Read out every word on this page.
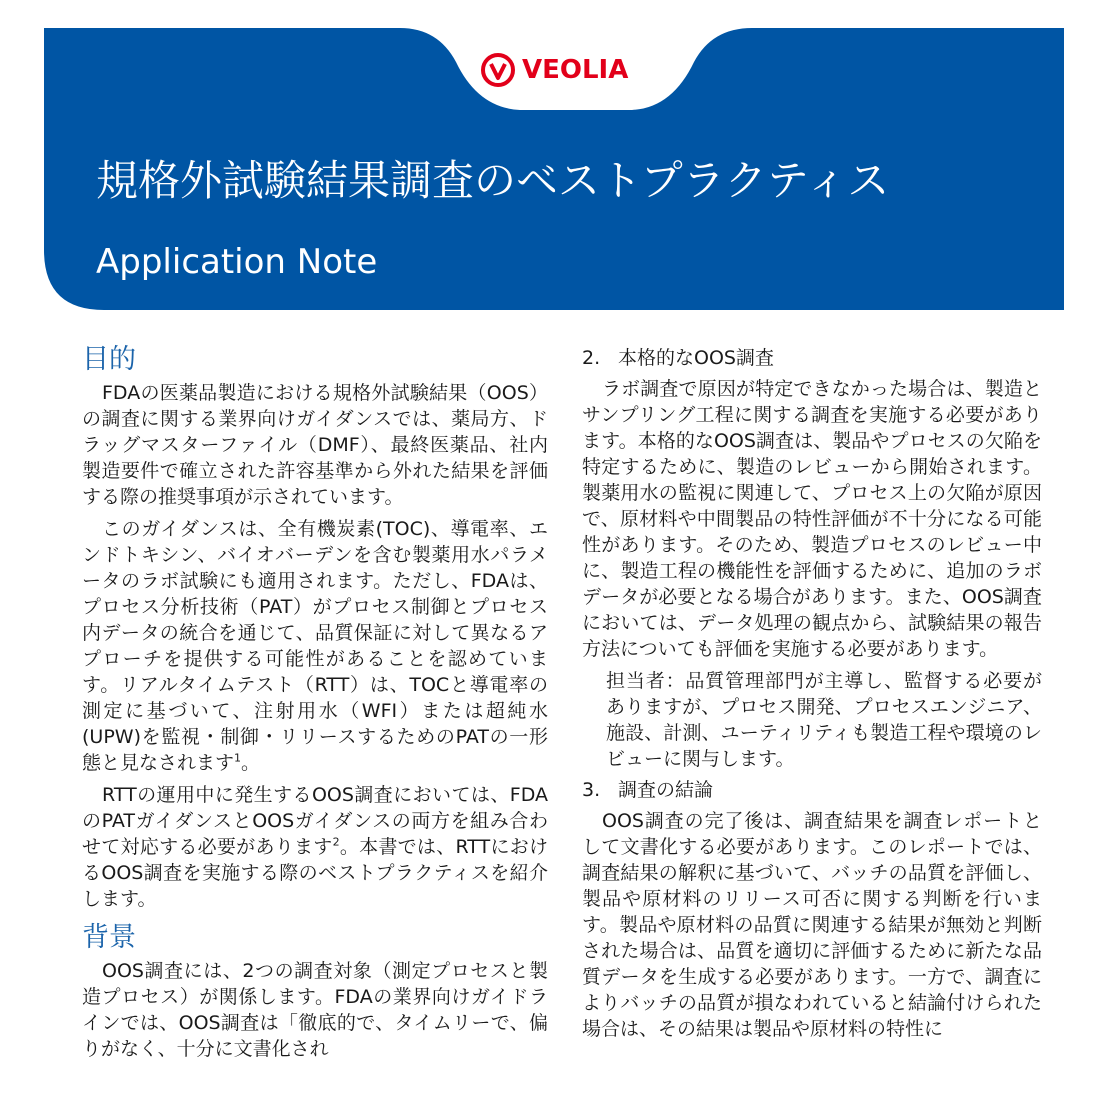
VEOLIA
規格外試験結果調査のベストプラクティス
Application Note
目的

FDAの医薬品製造における規格外試験結果（OOS）の調査に関する業界向けガイダンスでは、薬局方、ドラッグマスターファイル（DMF）、最終医薬品、社内製造要件で確立された許容基準から外れた結果を評価する際の推奨事項が示されています。

このガイダンスは、全有機炭素(TOC)、導電率、エンドトキシン、バイオバーデンを含む製薬用水パラメータのラボ試験にも適用されます。ただし、FDAは、プロセス分析技術（PAT）がプロセス制御とプロセス内データの統合を通じて、品質保証に対して異なるアプローチを提供する可能性があることを認めています。リアルタイムテスト（RTT）は、TOCと導電率の測定に基づいて、注射用水（WFI）または超純水(UPW)を監視・制御・リリースするためのPATの一形態と見なされます$^1$。

RTTの運用中に発生するOOS調査においては、FDAのPATガイダンスとOOSガイダンスの両方を組み合わせて対応する必要があります$^2$。本書では、RTTにおけるOOS調査を実施する際のベストプラクティスを紹介します。

背景

OOS調査には、2つの調査対象（測定プロセスと製造プロセス）が関係します。FDAの業界向けガイドラインでは、OOS調査は「徹底的で、タイムリーで、偏りがなく、十分に文書化され

2. 本格的なOOS調査

ラボ調査で原因が特定できなかった場合は、製造とサンプリング工程に関する調査を実施する必要があります。本格的なOOS調査は、製品やプロセスの欠陥を特定するために、製造のレビューから開始されます。製薬用水の監視に関連して、プロセス上の欠陥が原因で、原材料や中間製品の特性評価が不十分になる可能性があります。そのため、製造プロセスのレビュー中に、製造工程の機能性を評価するために、追加のラボデータが必要となる場合があります。また、OOS調査においては、データ処理の観点から、試験結果の報告方法についても評価を実施する必要があります。

担当者：品質管理部門が主導し、監督する必要がありますが、プロセス開発、プロセスエンジニア、施設、計測、ユーティリティも製造工程や環境のレビューに関与します。

3. 調査の結論

OOS調査の完了後は、調査結果を調査レポートとして文書化する必要があります。このレポートでは、調査結果の解釈に基づいて、バッチの品質を評価し、製品や原材料のリリース可否に関する判断を行います。製品や原材料の品質に関連する結果が無効と判断された場合は、品質を適切に評価するために新たな品質データを生成する必要があります。一方で、調査によりバッチの品質が損なわれていると結論付けられた場合は、その結果は製品や原材料の特性に
